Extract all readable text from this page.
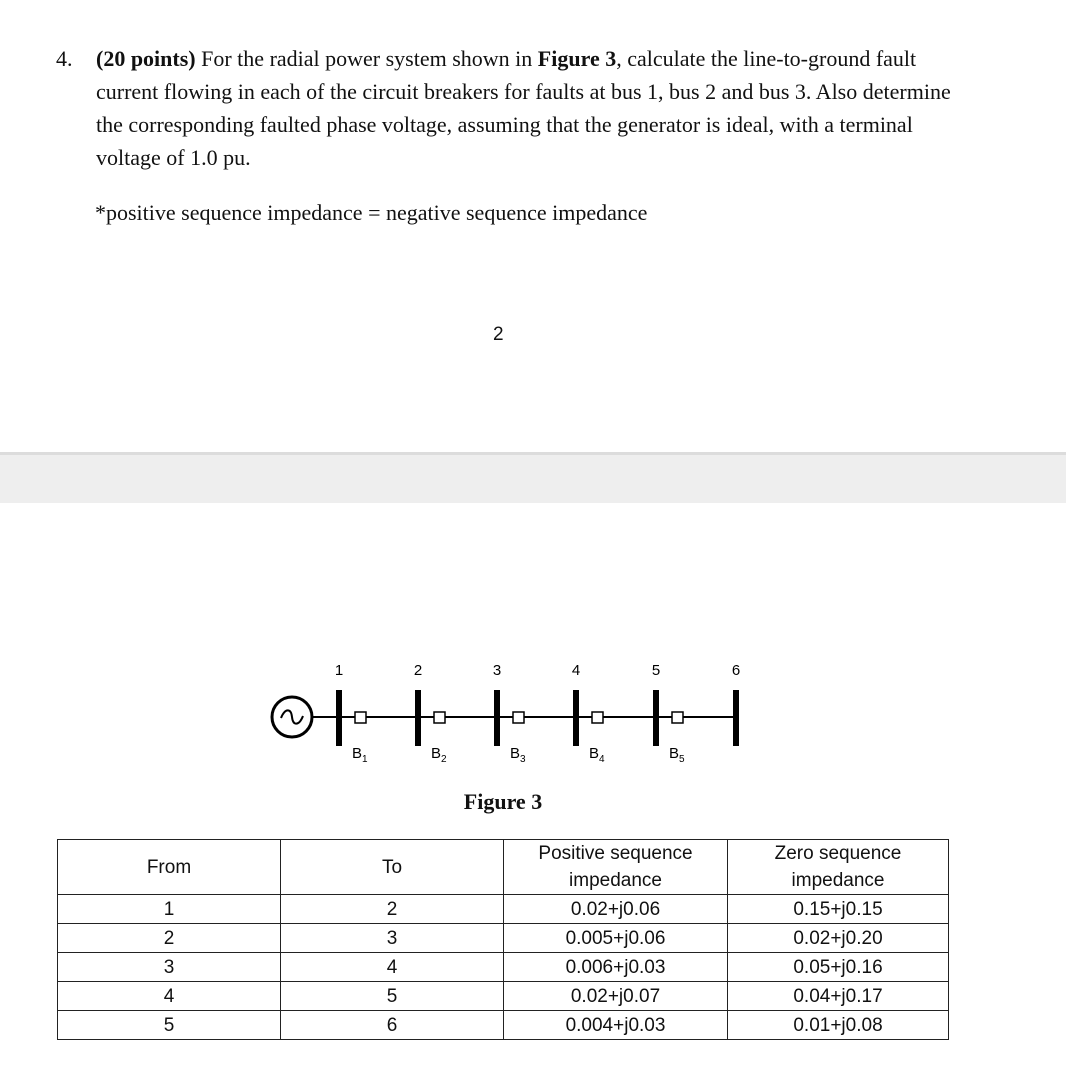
4. (20 points) For the radial power system shown in Figure 3, calculate the line-to-ground fault current flowing in each of the circuit breakers for faults at bus 1, bus 2 and bus 3. Also determine the corresponding faulted phase voltage, assuming that the generator is ideal, with a terminal voltage of 1.0 pu.
*positive sequence impedance = negative sequence impedance
2
1	2	3	4	5	6
$B_1$	$B_2$	$B_3$	$B_4$	$B_5$
Figure 3
From	To	Positive sequence impedance	Zero sequence impedance
1	2	0.02+j0.06	0.15+j0.15
2	3	0.005+j0.06	0.02+j0.20
3	4	0.006+j0.03	0.05+j0.16
4	5	0.02+j0.07	0.04+j0.17
5	6	0.004+j0.03	0.01+j0.08
